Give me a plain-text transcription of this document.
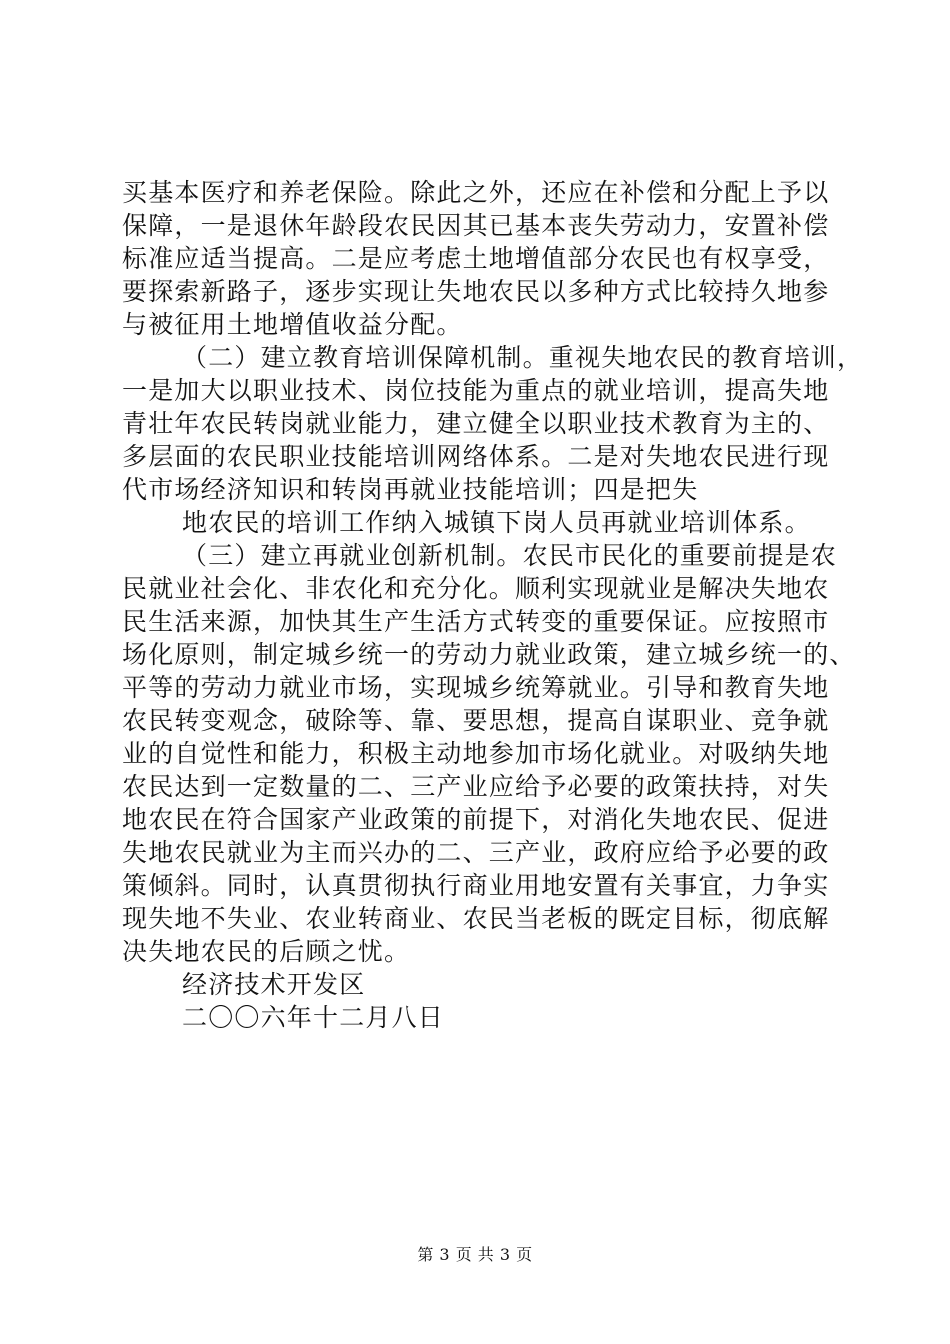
买基本医疗和养老保险。除此之外，还应在补偿和分配上予以
保障，一是退休年龄段农民因其已基本丧失劳动力，安置补偿
标准应适当提高。二是应考虑土地增值部分农民也有权享受，
要探索新路子，逐步实现让失地农民以多种方式比较持久地参
与被征用土地增值收益分配。
（二）建立教育培训保障机制。重视失地农民的教育培训，
一是加大以职业技术、岗位技能为重点的就业培训，提高失地
青壮年农民转岗就业能力，建立健全以职业技术教育为主的、
多层面的农民职业技能培训网络体系。二是对失地农民进行现
代市场经济知识和转岗再就业技能培训；四是把失
地农民的培训工作纳入城镇下岗人员再就业培训体系。
（三）建立再就业创新机制。农民市民化的重要前提是农
民就业社会化、非农化和充分化。顺利实现就业是解决失地农
民生活来源，加快其生产生活方式转变的重要保证。应按照市
场化原则，制定城乡统一的劳动力就业政策，建立城乡统一的、
平等的劳动力就业市场，实现城乡统筹就业。引导和教育失地
农民转变观念，破除等、靠、要思想，提高自谋职业、竞争就
业的自觉性和能力，积极主动地参加市场化就业。对吸纳失地
农民达到一定数量的二、三产业应给予必要的政策扶持，对失
地农民在符合国家产业政策的前提下，对消化失地农民、促进
失地农民就业为主而兴办的二、三产业，政府应给予必要的政
策倾斜。同时，认真贯彻执行商业用地安置有关事宜，力争实
现失地不失业、农业转商业、农民当老板的既定目标，彻底解
决失地农民的后顾之忧。
经济技术开发区
二〇〇六年十二月八日
第 3 页 共 3 页
